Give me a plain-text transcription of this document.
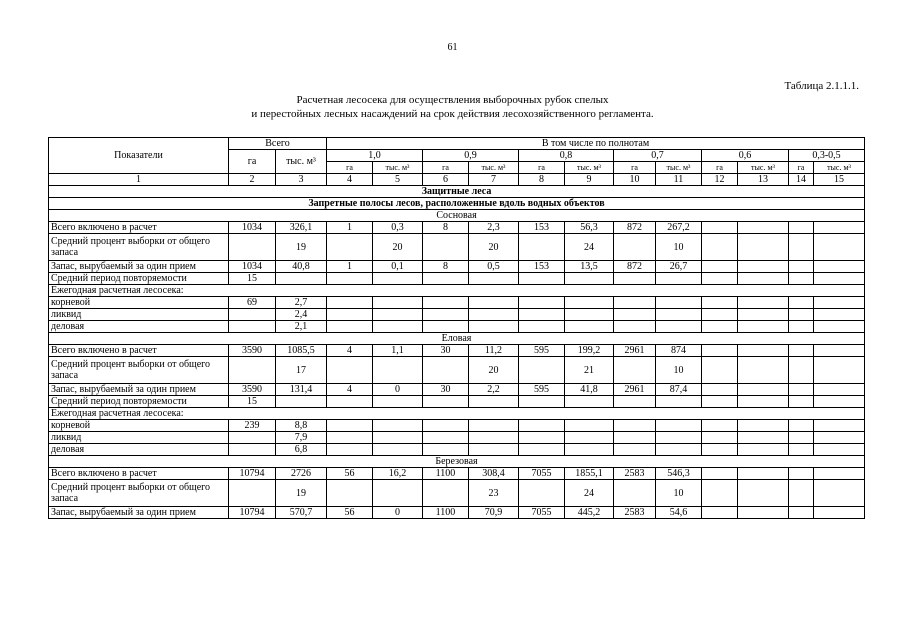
61
Таблица 2.1.1.1.
Расчетная лесосека для осуществления выборочных рубок спелых
и перестойных лесных насаждений на срок действия лесохозяйственного регламента.
Показатели	Всего		В том числе по полнотам											
	га	тыс. м³	1,0		0,9		0,8		0,7		0,6		0,3-0,5	
			га	тыс. м³	га	тыс. м³	га	тыс. м³	га	тыс. м³	га	тыс. м³	га	тыс. м³
1	2	3	4	5	6	7	8	9	10	11	12	13	14	15
Защитные леса														
Запретные полосы лесов, расположенные вдоль водных объектов														
Сосновая														
Всего включено в расчет	1034	326,1	1	0,3	8	2,3	153	56,3	872	267,2				
Средний процент выборки от общего запаса		19		20		20		24		10				
Запас, вырубаемый за один прием	1034	40,8	1	0,1	8	0,5	153	13,5	872	26,7				
Средний период повторяемости	15													
Ежегодная расчетная лесосека:														
корневой	69	2,7												
ликвид		2,4												
деловая		2,1												
Еловая														
Всего включено в расчет	3590	1085,5	4	1,1	30	11,2	595	199,2	2961	874				
Средний процент выборки от общего запаса		17				20		21		10				
Запас, вырубаемый за один прием	3590	131,4	4	0	30	2,2	595	41,8	2961	87,4				
Средний период повторяемости	15													
Ежегодная расчетная лесосека:														
корневой	239	8,8												
ликвид		7,9												
деловая		6,8												
Березовая														
Всего включено в расчет	10794	2726	56	16,2	1100	308,4	7055	1855,1	2583	546,3				
Средний процент выборки от общего запаса		19				23		24		10				
Запас, вырубаемый за один прием	10794	570,7	56	0	1100	70,9	7055	445,2	2583	54,6				
